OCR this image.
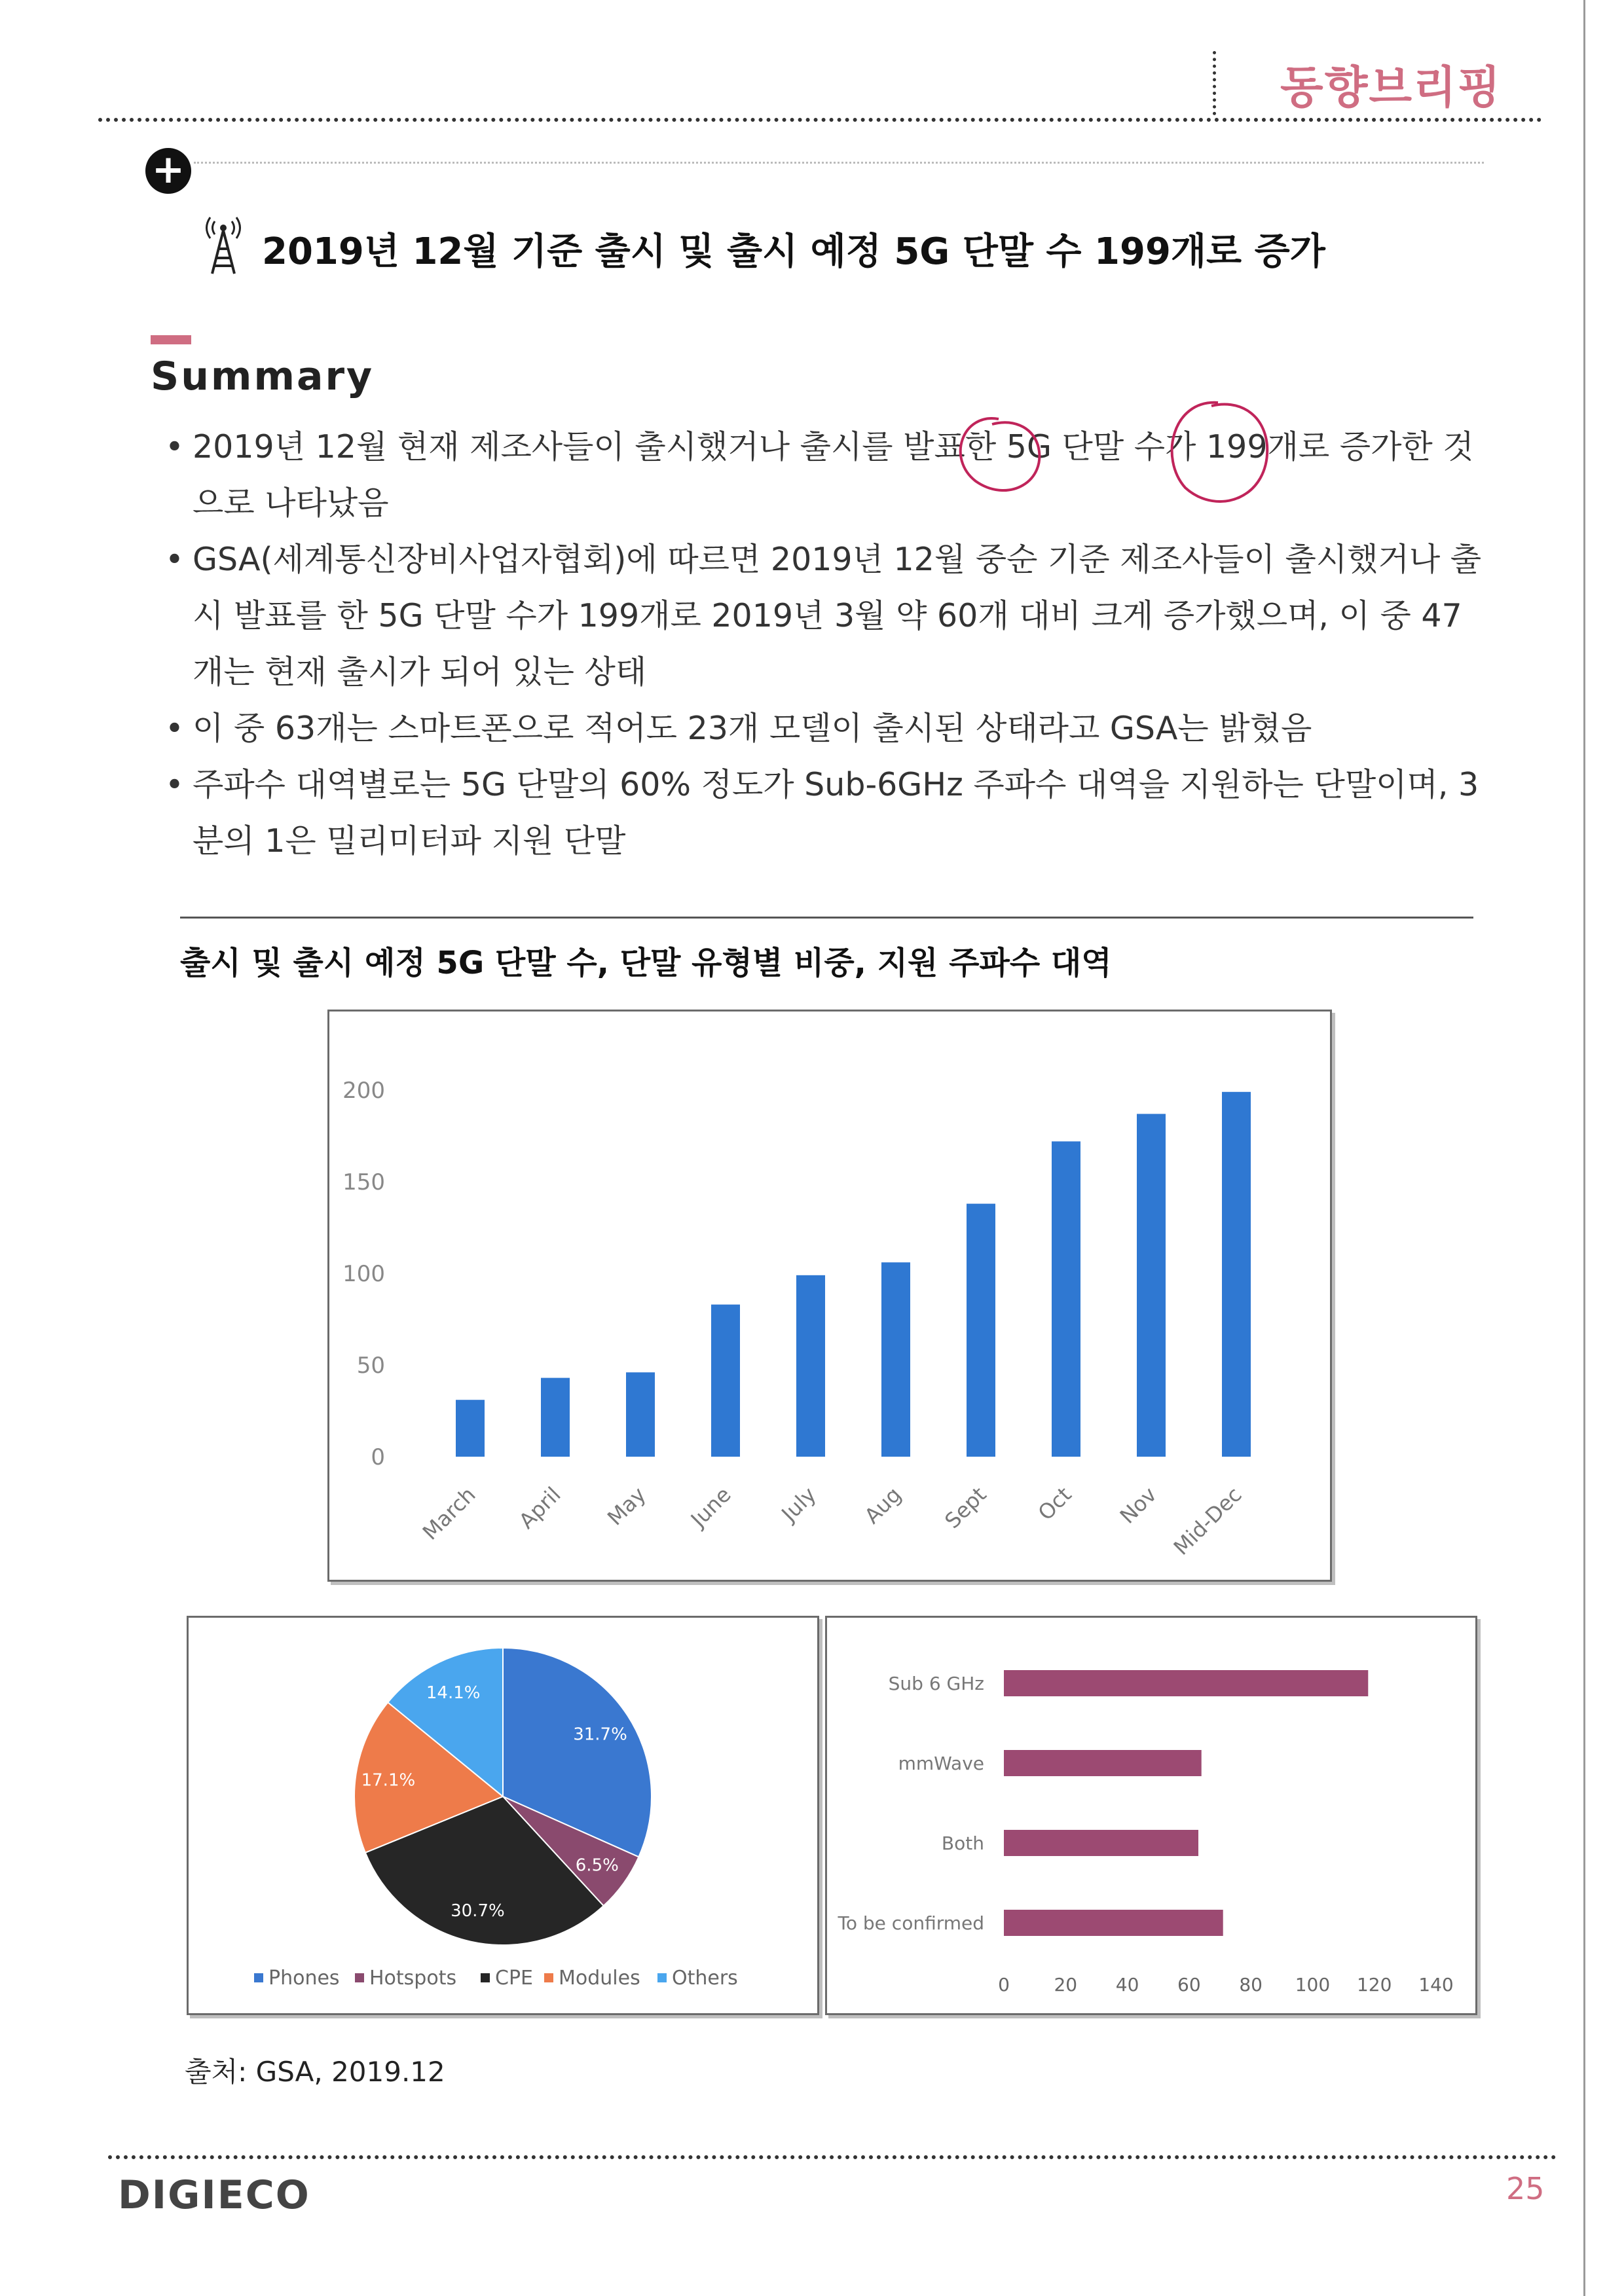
동향브리핑
+
2019년 12월 기준 출시 및 출시 예정 5G 단말 수 199개로 증가
Summary
• 2019년 12월 현재 제조사들이 출시했거나 출시를 발표한 5G 단말 수가 199개로 증가한 것으로 나타났음
• GSA(세계통신장비사업자협회)에 따르면 2019년 12월 중순 기준 제조사들이 출시했거나 출시 발표를 한 5G 단말 수가 199개로 2019년 3월 약 60개 대비 크게 증가했으며, 이 중 47개는 현재 출시가 되어 있는 상태
• 이 중 63개는 스마트폰으로 적어도 23개 모델이 출시된 상태라고 GSA는 밝혔음
• 주파수 대역별로는 5G 단말의 60% 정도가 Sub-6GHz 주파수 대역을 지원하는 단말이며, 3분의 1은 밀리미터파 지원 단말
출시 및 출시 예정 5G 단말 수, 단말 유형별 비중, 지원 주파수 대역
0
50
100
150
200
March April May June July Aug Sept Oct Nov Mid-Dec
31.7%
6.5%
30.7%
17.1%
14.1%
Phones Hotspots CPE Modules Others
Sub 6 GHz
mmWave
Both
To be confirmed
0 20 40 60 80 100 120 140
출처: GSA, 2019.12
DIGIECO	25
